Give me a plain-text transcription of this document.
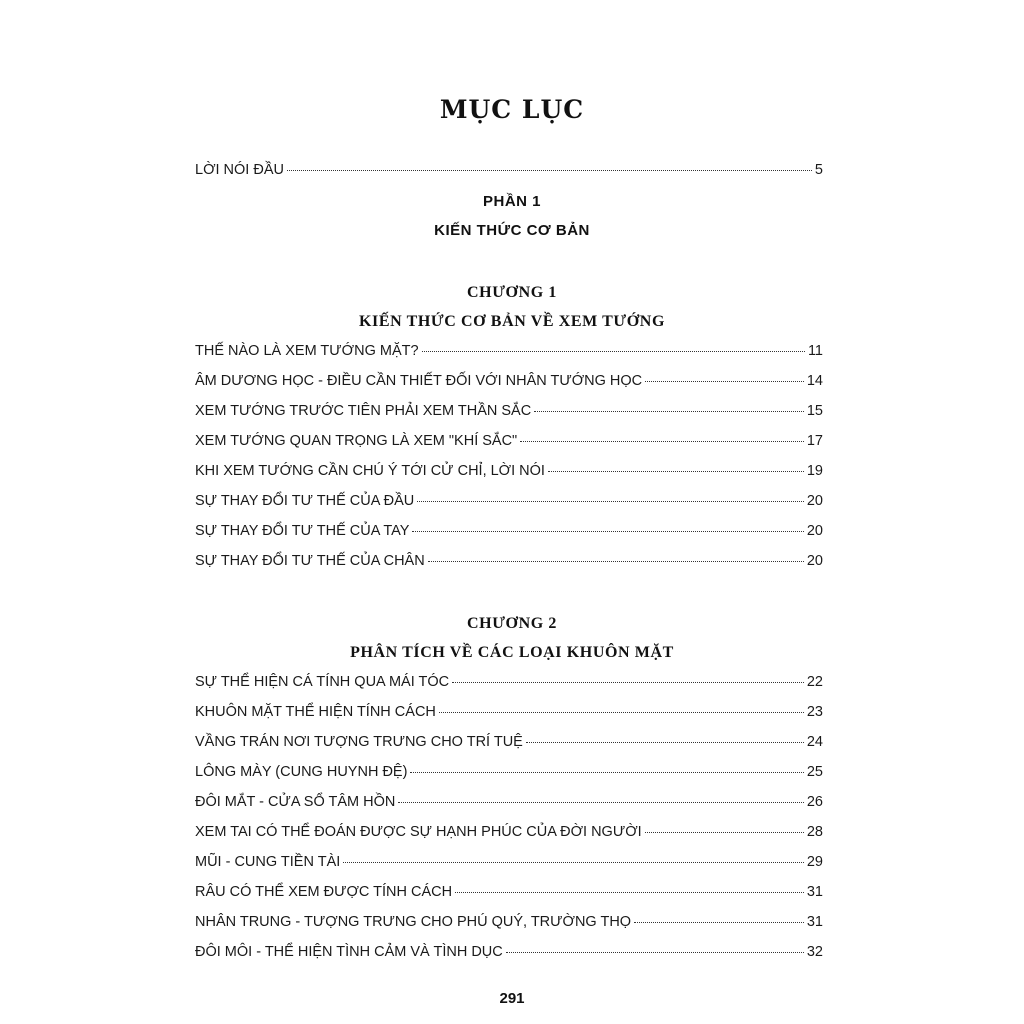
MỤC LỤC
LỜI NÓI ĐẦU	5
PHẦN 1
KIẾN THỨC CƠ BẢN
CHƯƠNG 1
KIẾN THỨC CƠ BẢN VỀ XEM TƯỚNG
THẾ NÀO LÀ XEM TƯỚNG MẶT?	11
ÂM DƯƠNG HỌC - ĐIỀU CẦN THIẾT ĐỐI VỚI NHÂN TƯỚNG HỌC	14
XEM TƯỚNG TRƯỚC TIÊN PHẢI XEM THẦN SẮC	15
XEM TƯỚNG QUAN TRỌNG LÀ XEM "KHÍ SẮC"	17
KHI XEM TƯỚNG CẦN CHÚ Ý TỚI CỬ CHỈ, LỜI NÓI	19
SỰ THAY ĐỔI TƯ THẾ CỦA ĐẦU	20
SỰ THAY ĐỔI TƯ THẾ CỦA TAY	20
SỰ THAY ĐỔI TƯ THẾ CỦA CHÂN	20
CHƯƠNG 2
PHÂN TÍCH VỀ CÁC LOẠI KHUÔN MẶT
SỰ THỂ HIỆN CÁ TÍNH QUA MÁI TÓC	22
KHUÔN MẶT THỂ HIỆN TÍNH CÁCH	23
VẦNG TRÁN NƠI TƯỢNG TRƯNG CHO TRÍ TUỆ	24
LÔNG MÀY (CUNG HUYNH ĐỆ)	25
ĐÔI MẮT - CỬA SỔ TÂM HỒN	26
XEM TAI CÓ THỂ ĐOÁN ĐƯỢC SỰ HẠNH PHÚC CỦA ĐỜI NGƯỜI	28
MŨI - CUNG TIỀN TÀI	29
RÂU CÓ THỂ XEM ĐƯỢC TÍNH CÁCH	31
NHÂN TRUNG - TƯỢNG TRƯNG CHO PHÚ QUÝ, TRƯỜNG THỌ	31
ĐÔI MÔI - THỂ HIỆN TÌNH CẢM VÀ TÌNH DỤC	32
291
